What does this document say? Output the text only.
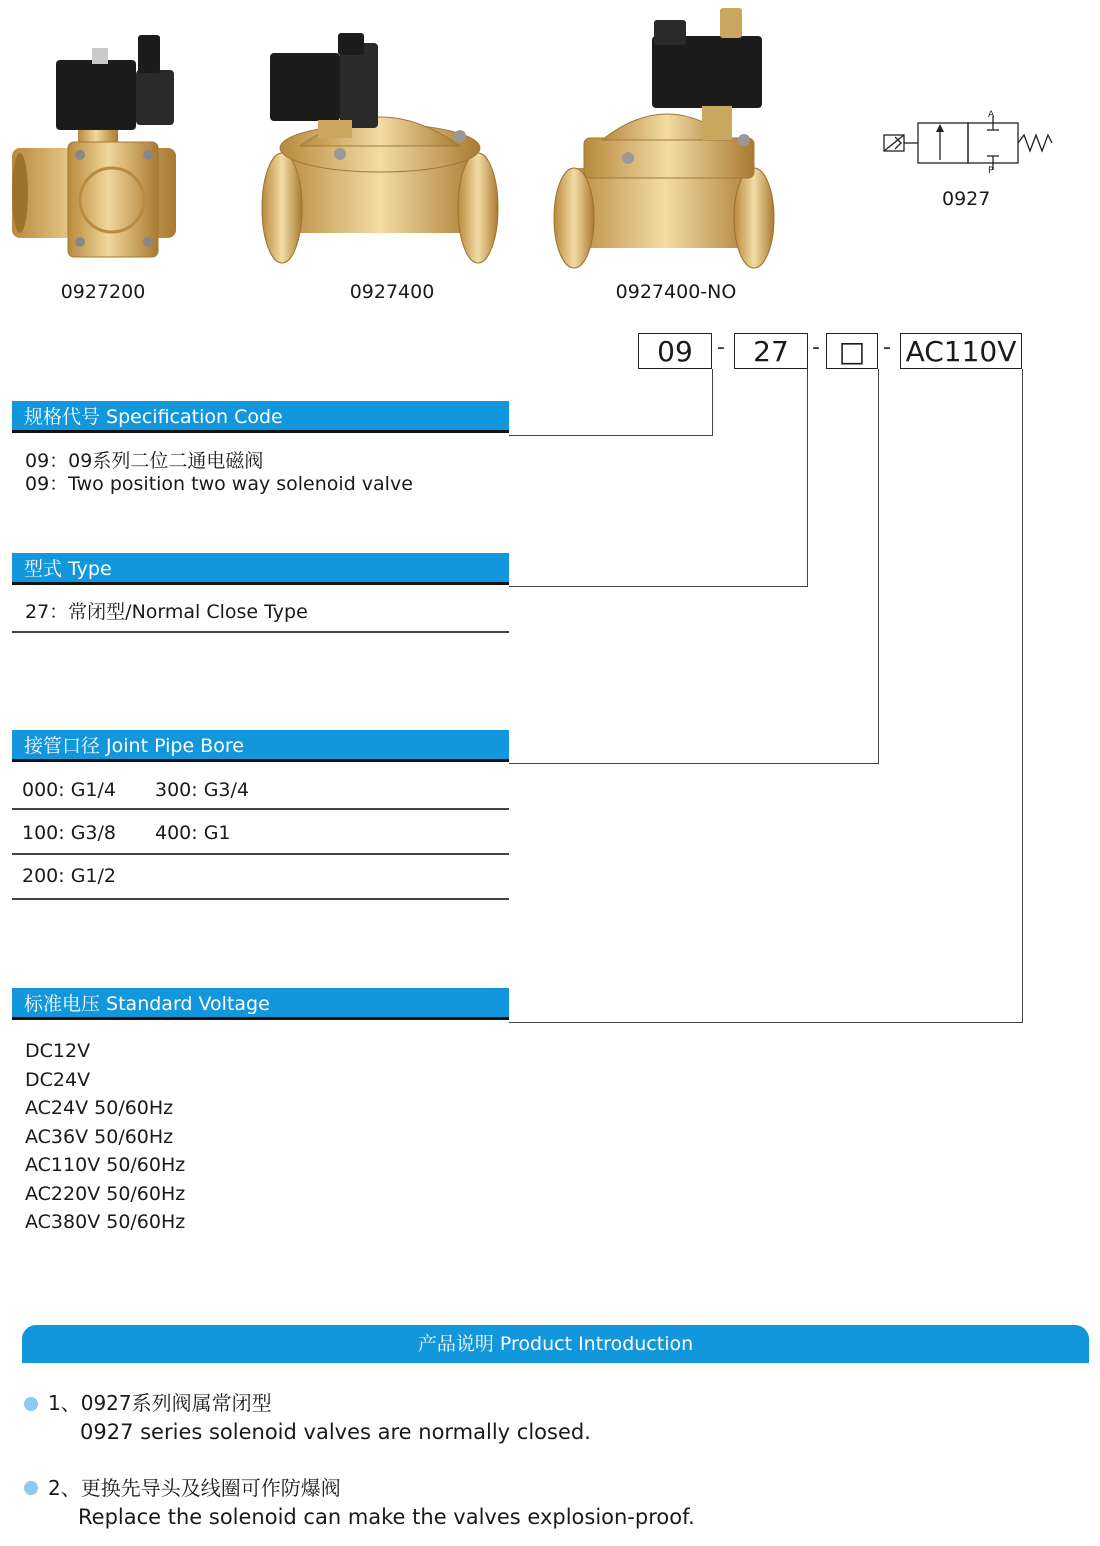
0927200	0927400	0927400-NO
A
P
0927
09	-	27	- □ - AC110V
规格代号 Specification Code
09：09系列二位二通电磁阀
09：Two position two way solenoid valve
型式 Type
27：常闭型/Normal Close Type
接管口径 Joint Pipe Bore
000: G1/4 300: G3/4
100: G3/8 400: G1
200: G1/2
标准电压 Standard Voltage
DC12V
DC24V
AC24V 50/60Hz
AC36V 50/60Hz
AC110V 50/60Hz
AC220V 50/60Hz
AC380V 50/60Hz
产品说明 Product Introduction
1、0927系列阀属常闭型
0927 series solenoid valves are normally closed.
2、更换先导头及线圈可作防爆阀
Replace the solenoid can make the valves explosion-proof.
